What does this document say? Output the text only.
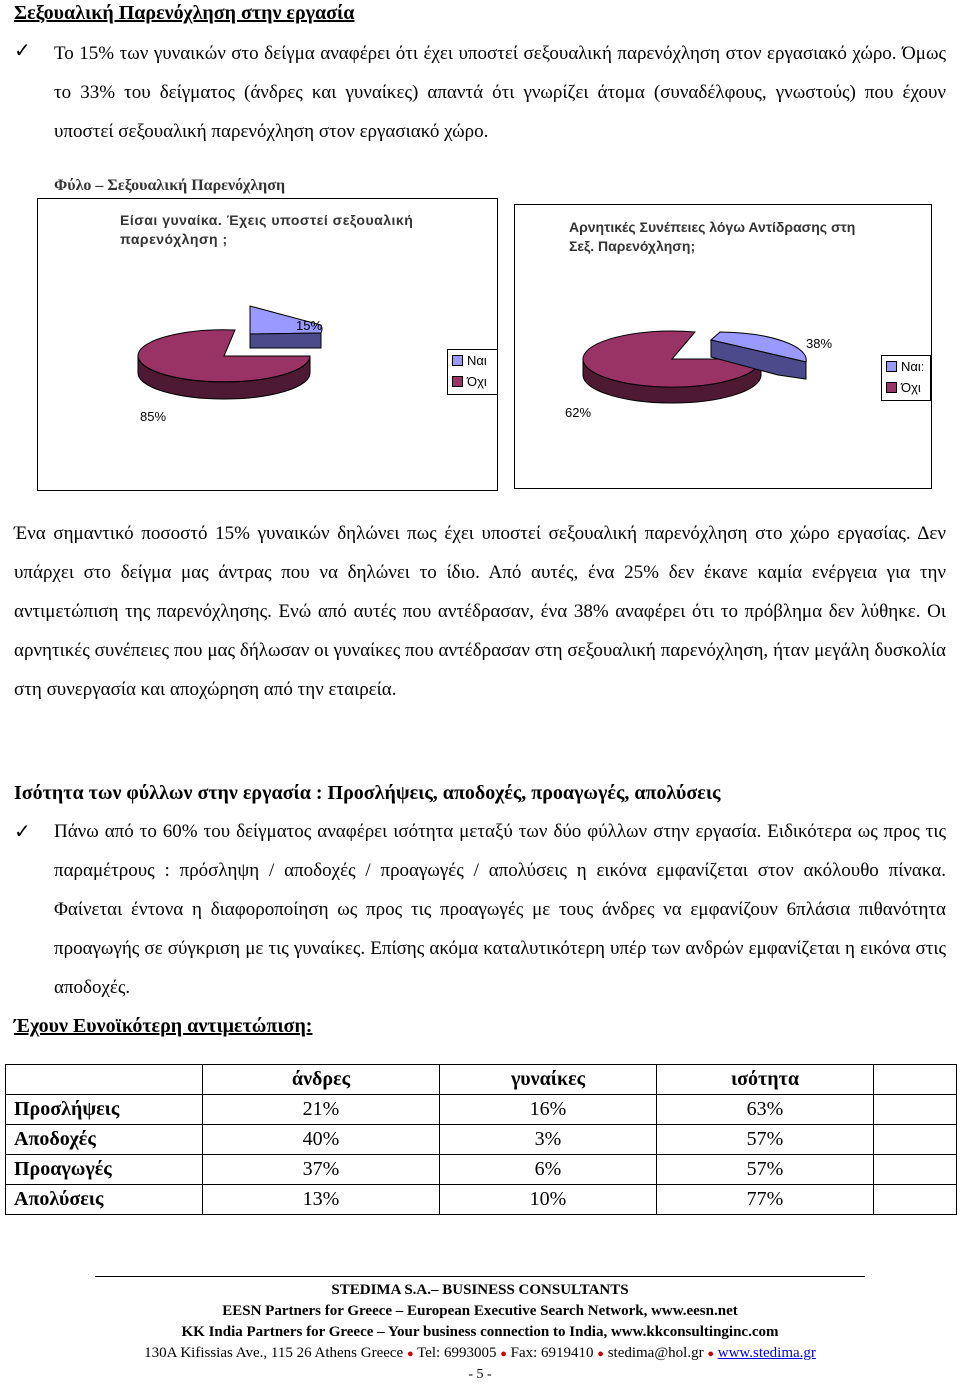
Σεξουαλική Παρενόχληση στην εργασία
✓ Το 15% των γυναικών στο δείγμα αναφέρει ότι έχει υποστεί σεξουαλική παρενόχληση στον εργασιακό χώρο. Όμως το 33% του δείγματος (άνδρες και γυναίκες) απαντά ότι γνωρίζει άτομα (συναδέλφους, γνωστούς) που έχουν υποστεί σεξουαλική παρενόχληση στον εργασιακό χώρο.
Φύλο – Σεξουαλική Παρενόχληση
Είσαι γυναίκα. Έχεις υποστεί σεξουαλική παρενόχληση ;
15%
85%
Ναι
Όχι
Αρνητικές Συνέπειες λόγω Αντίδρασης στη Σεξ. Παρενόχληση;
38%
62%
Ναι:
Όχι
Ένα σημαντικό ποσοστό 15% γυναικών δηλώνει πως έχει υποστεί σεξουαλική παρενόχληση στο χώρο εργασίας. Δεν υπάρχει στο δείγμα μας άντρας που να δηλώνει το ίδιο. Από αυτές, ένα 25% δεν έκανε καμία ενέργεια για την αντιμετώπιση της παρενόχλησης. Ενώ από αυτές που αντέδρασαν, ένα 38% αναφέρει ότι το πρόβλημα δεν λύθηκε. Οι αρνητικές συνέπειες που μας δήλωσαν οι γυναίκες που αντέδρασαν στη σεξουαλική παρενόχληση, ήταν μεγάλη δυσκολία στη συνεργασία και αποχώρηση από την εταιρεία.
Ισότητα των φύλλων στην εργασία : Προσλήψεις, αποδοχές, προαγωγές, απολύσεις
✓ Πάνω από το 60% του δείγματος αναφέρει ισότητα μεταξύ των δύο φύλλων στην εργασία. Ειδικότερα ως προς τις παραμέτρους : πρόσληψη / αποδοχές / προαγωγές / απολύσεις η εικόνα εμφανίζεται στον ακόλουθο πίνακα. Φαίνεται έντονα η διαφοροποίηση ως προς τις προαγωγές με τους άνδρες να εμφανίζουν 6πλάσια πιθανότητα προαγωγής σε σύγκριση με τις γυναίκες. Επίσης ακόμα καταλυτικότερη υπέρ των ανδρών εμφανίζεται η εικόνα στις αποδοχές.
Έχουν Ευνοϊκότερη αντιμετώπιση:
	άνδρες	γυναίκες	ισότητα	
Προσλήψεις	21%	16%	63%	
Αποδοχές	40%	3%	57%	
Προαγωγές	37%	6%	57%	
Απολύσεις	13%	10%	77%	
STEDIMA S.A.– BUSINESS CONSULTANTS
EESN Partners for Greece – European Executive Search Network, www.eesn.net
KK India Partners for Greece – Your business connection to India, www.kkconsultinginc.com
130A Kifissias Ave., 115 26 Athens Greece ● Tel: 6993005 ● Fax: 6919410 ● stedima@hol.gr ● www.stedima.gr
- 5 -
